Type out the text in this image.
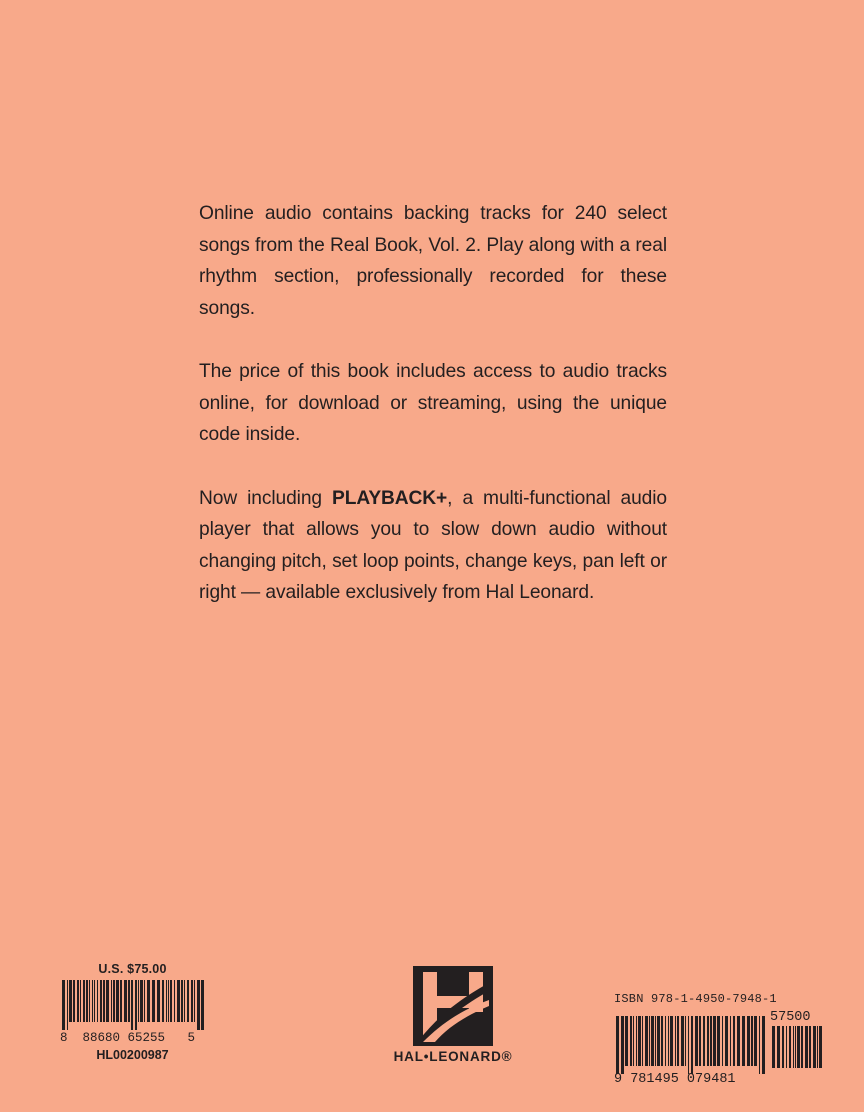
Online audio contains backing tracks for 240 select songs from the Real Book, Vol. 2. Play along with a real rhythm section, professionally recorded for these songs.

The price of this book includes access to audio tracks online, for download or streaming, using the unique code inside.

Now including PLAYBACK+, a multi-functional audio player that allows you to slow down audio without changing pitch, set loop points, change keys, pan left or right — available exclusively from Hal Leonard.

U.S. $75.00
8  88680 65255   5
HL00200987	HAL•LEONARD®
ISBN 978-1-4950-7948-1
57500
9 781495 079481
